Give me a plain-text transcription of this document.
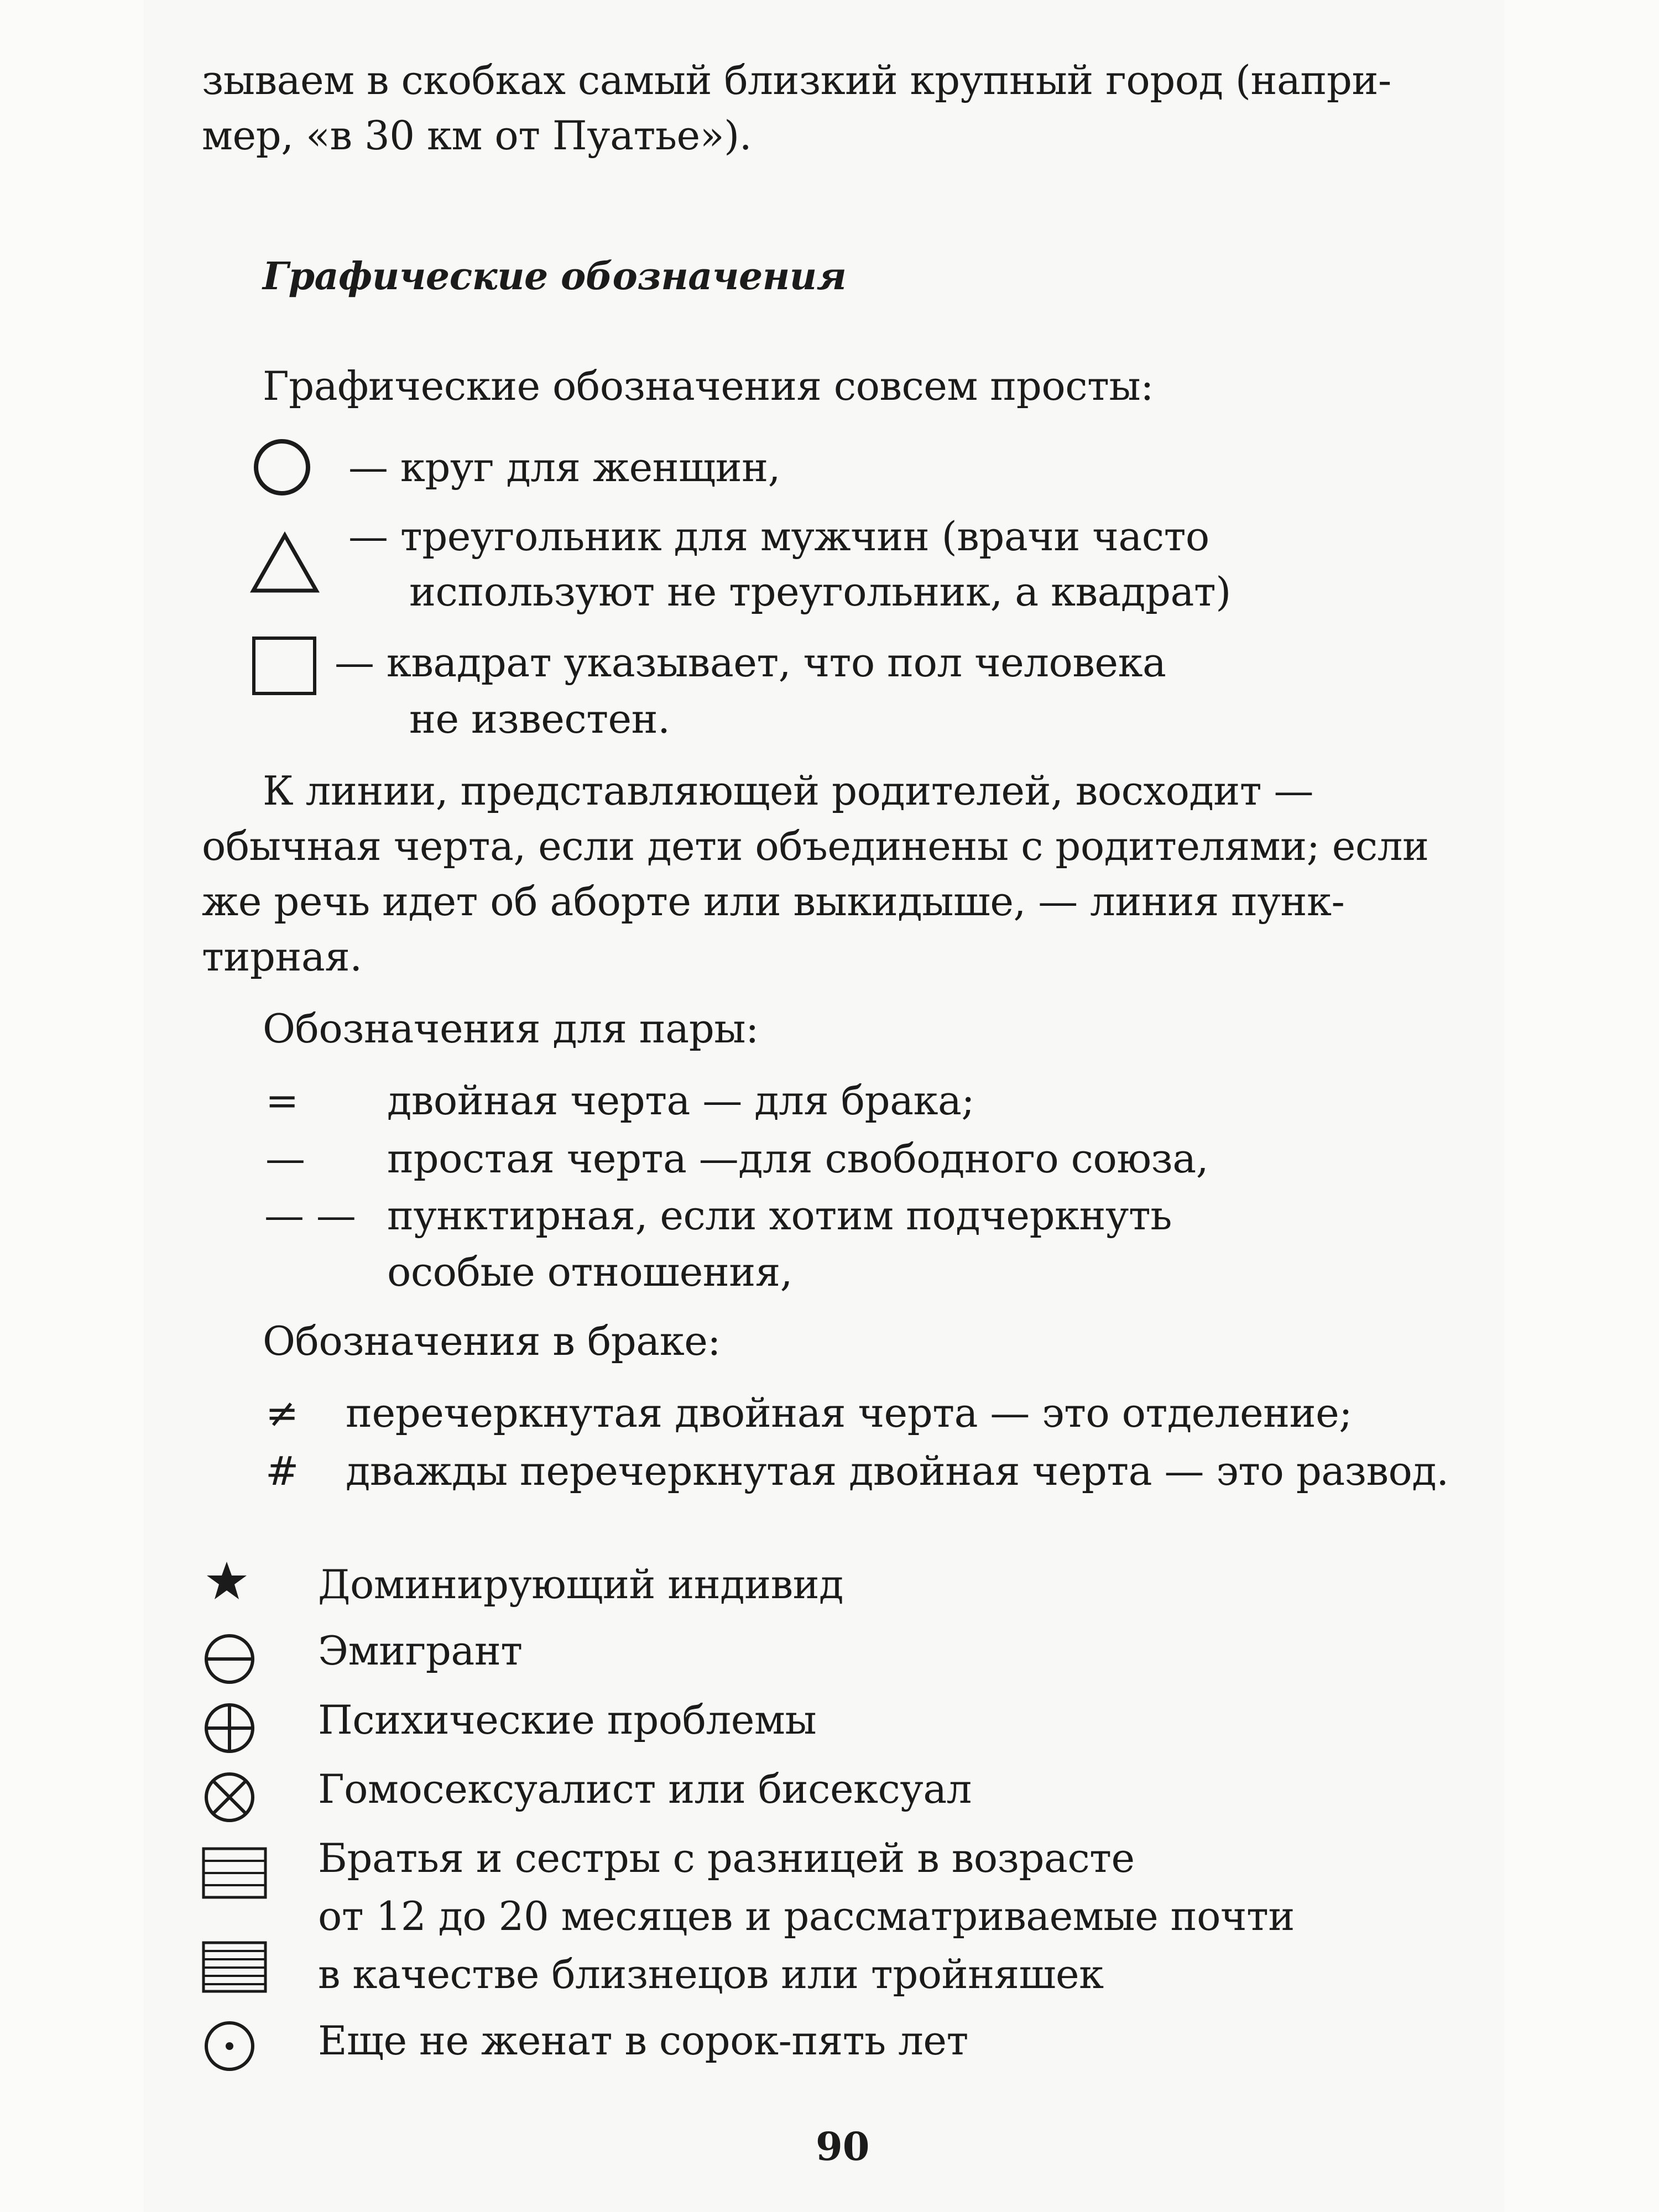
зываем в скобках самый близкий крупный город (напри-
мер, «в 30 км от Пуатье»).
Графические обозначения
Графические обозначения совсем просты:
— круг для женщин,
— треугольник для мужчин (врачи часто
используют не треугольник, а квадрат)
— квадрат указывает, что пол человека
не известен.
К линии, представляющей родителей, восходит —
обычная черта, если дети объединены с родителями; если
же речь идет об аборте или выкидыше, — линия пунк-
тирная.
Обозначения для пары:
= двойная черта — для брака;
— простая черта —для свободного союза,
— — пунктирная, если хотим подчеркнуть
особые отношения,
Обозначения в браке:
≠ перечеркнутая двойная черта — это отделение;
# дважды перечеркнутая двойная черта — это развод.
Доминирующий индивид
Эмигрант
Психические проблемы
Гомосексуалист или бисексуал
Братья и сестры с разницей в возрасте
от 12 до 20 месяцев и рассматриваемые почти
в качестве близнецов или тройняшек
Еще не женат в сорок-пять лет
90
